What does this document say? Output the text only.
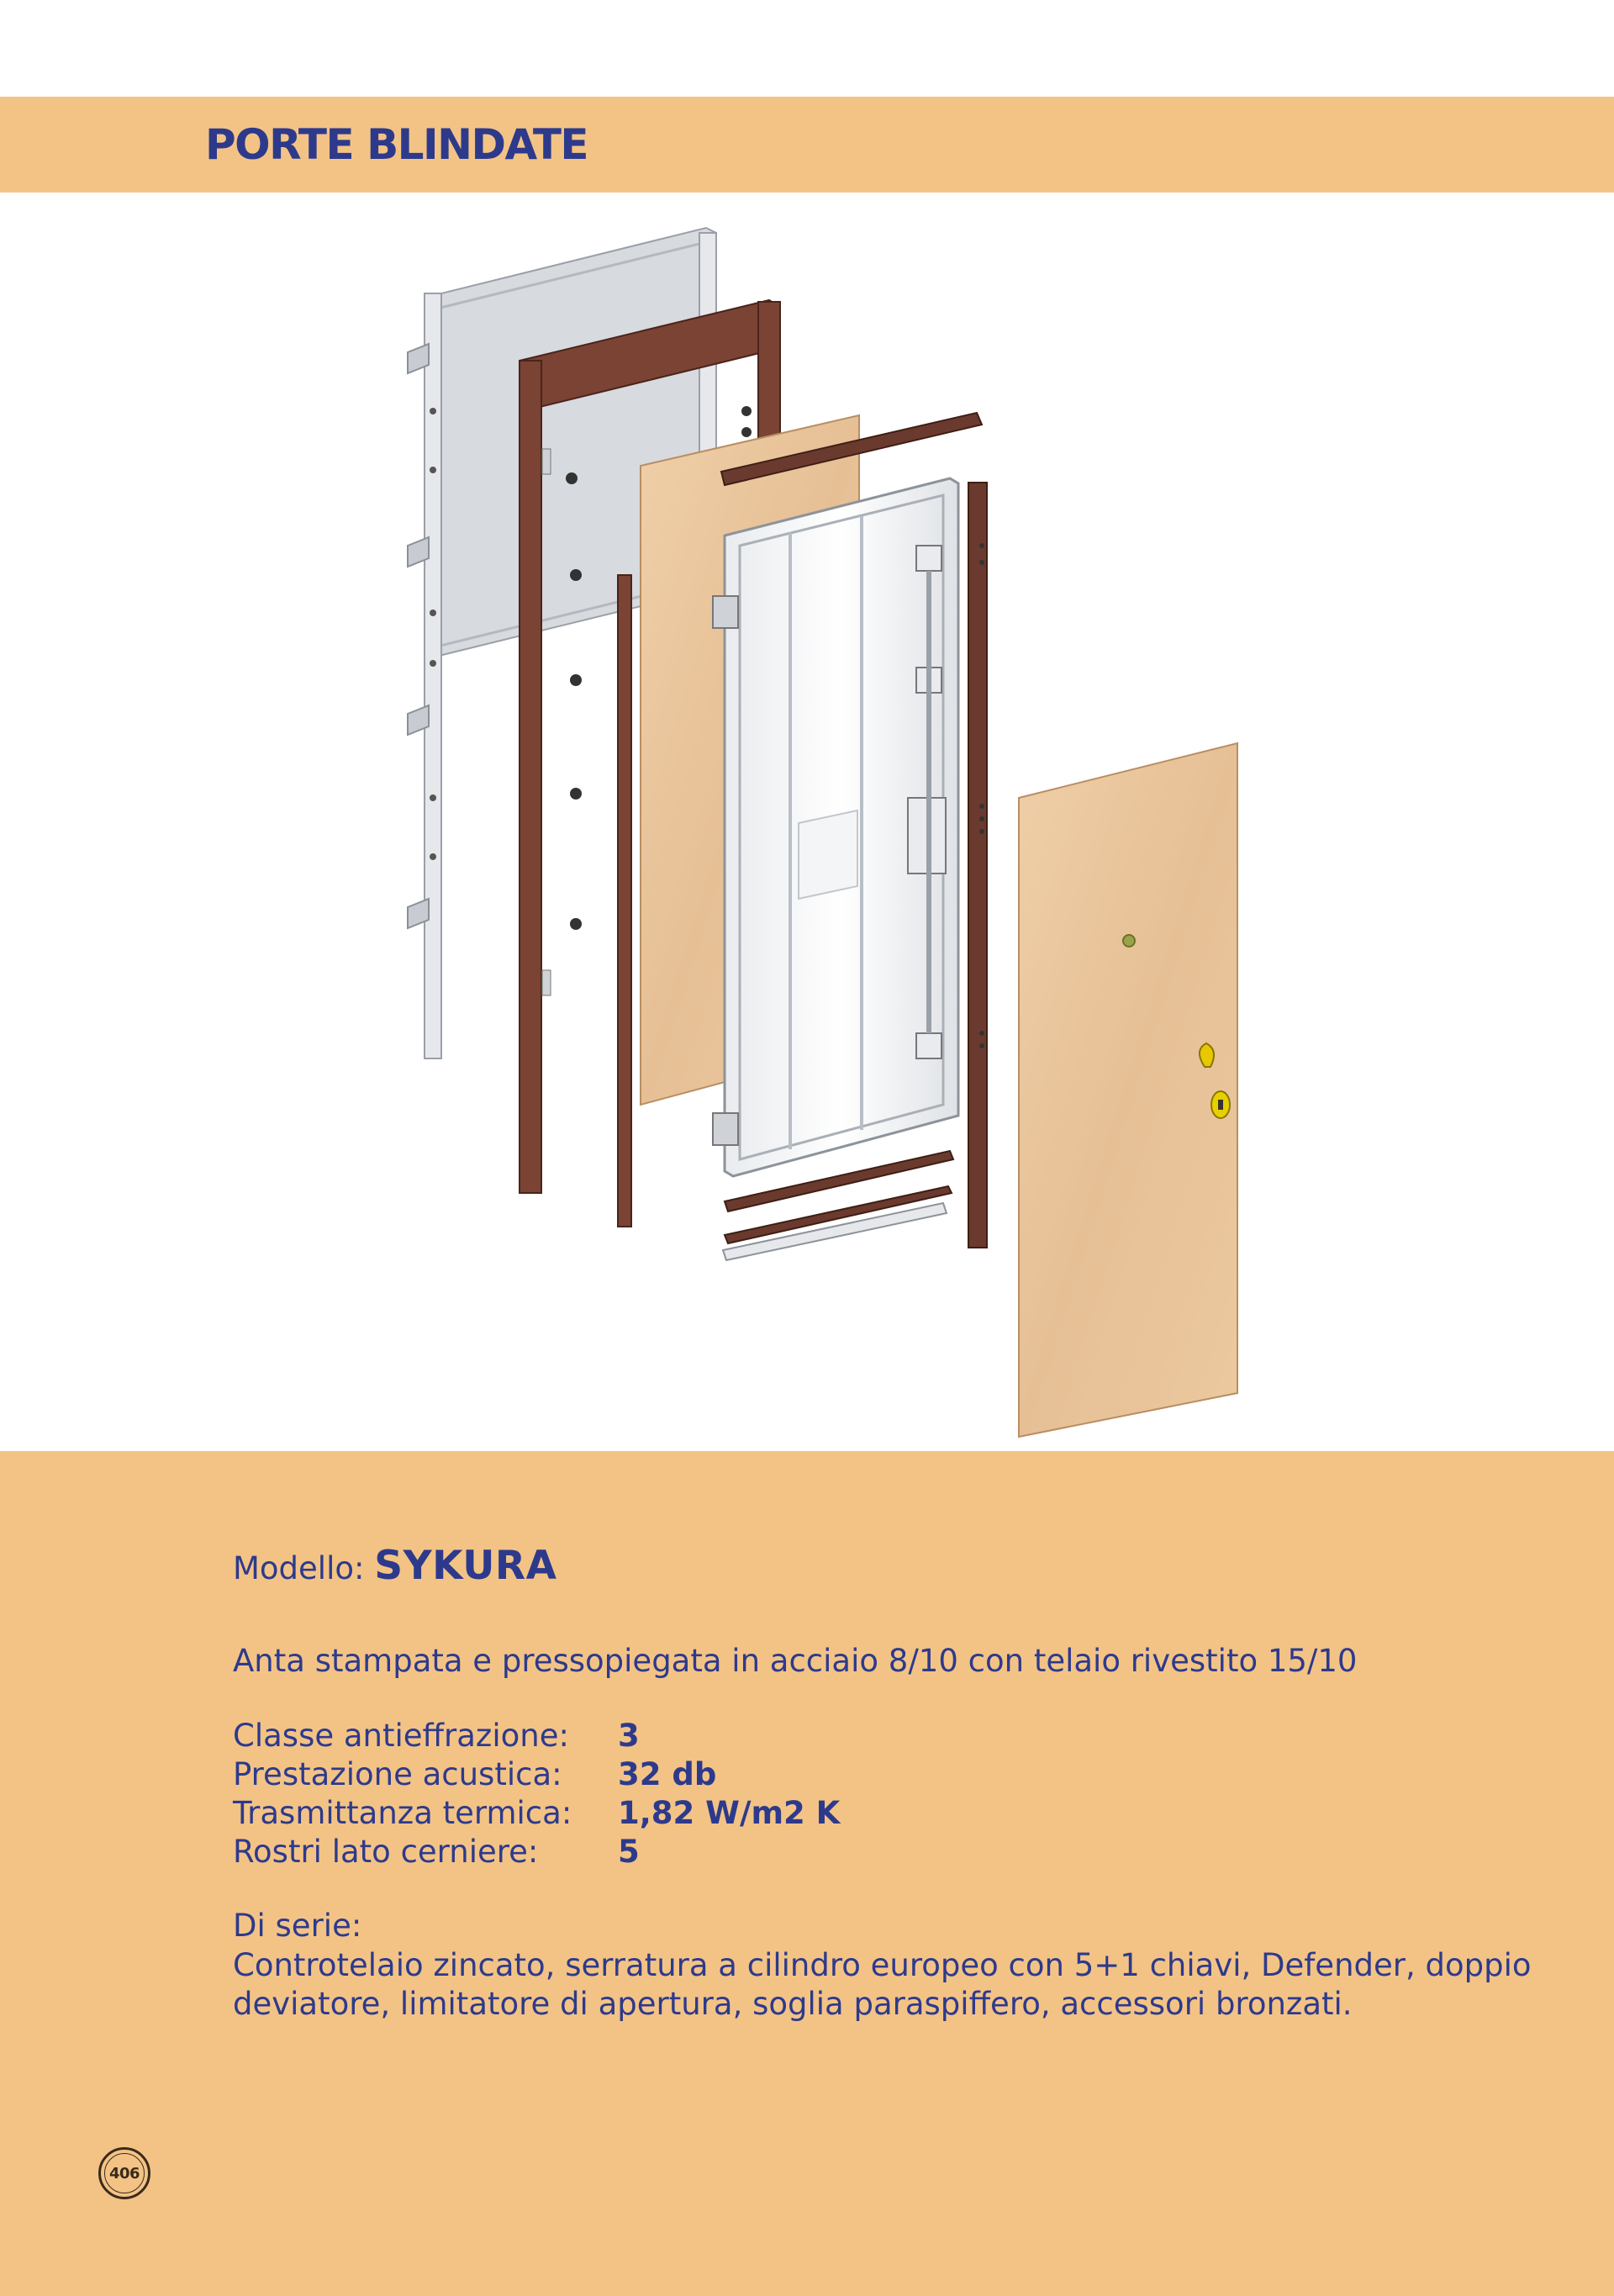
PORTE BLINDATE
Modello: SYKURA

Anta stampata e pressopiegata in acciaio 8/10 con telaio rivestito 15/10

Classe antieffrazione:	3
Prestazione acustica:	32 db
Trasmittanza termica:	1,82 W/m2 K
Rostri lato cerniere:	5

Di serie:

Controtelaio zincato, serratura a cilindro europeo con 5+1 chiavi, Defender, doppio deviatore, limitatore di apertura, soglia paraspiffero, accessori bronzati.

406
